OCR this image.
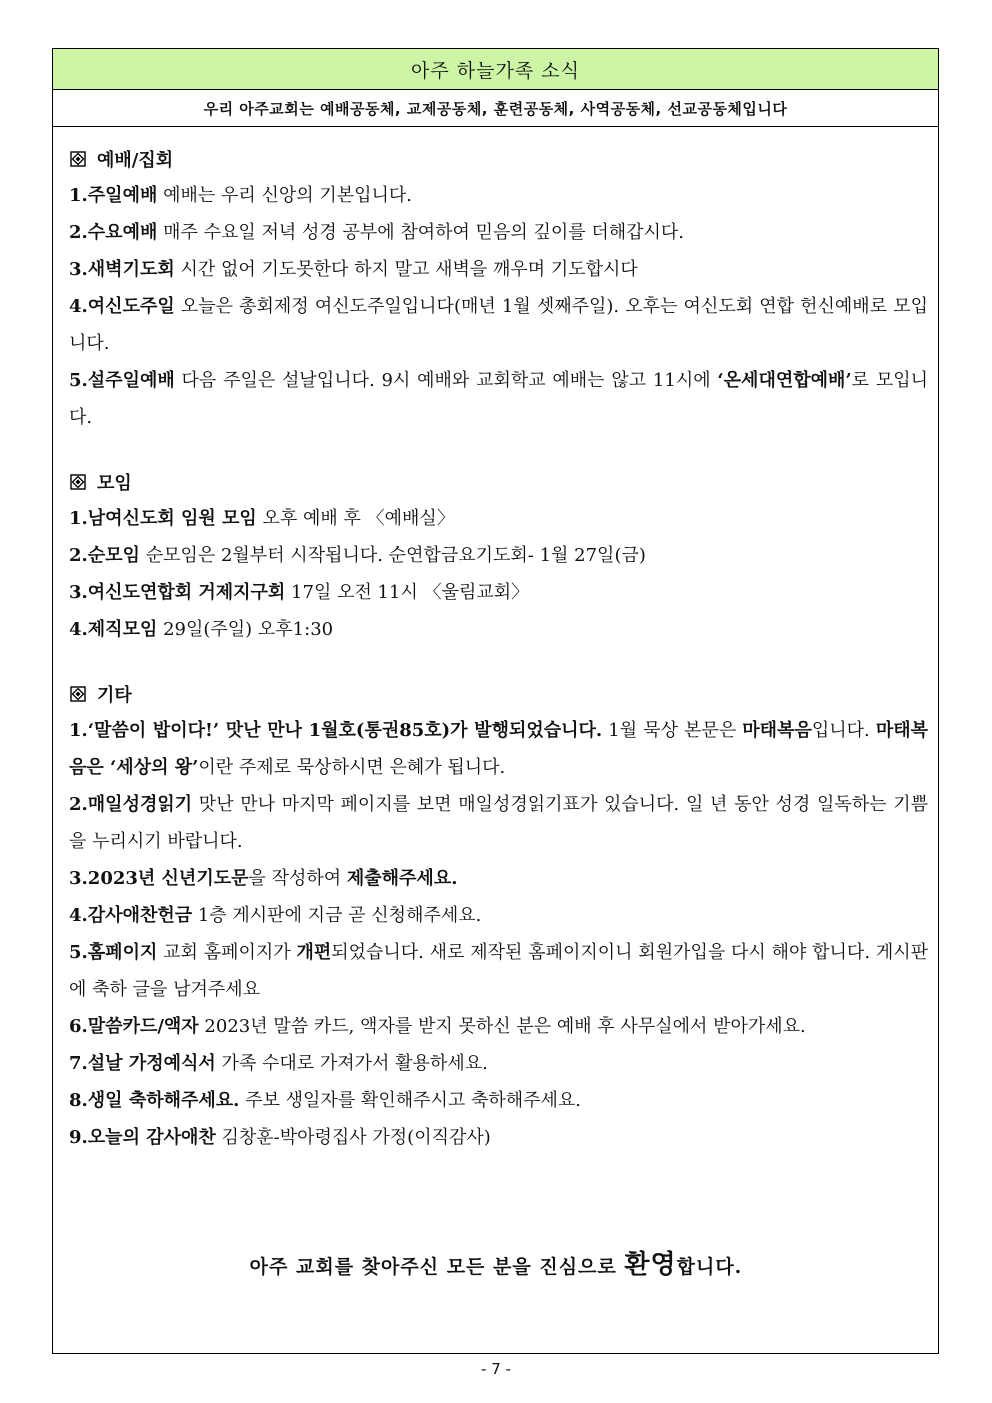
아주 하늘가족 소식
우리 아주교회는 예배공동체, 교제공동체, 훈련공동체, 사역공동체, 선교공동체입니다
예배/집회

1.주일예배 예배는 우리 신앙의 기본입니다.

2.수요예배 매주 수요일 저녁 성경 공부에 참여하여 믿음의 깊이를 더해갑시다.

3.새벽기도회 시간 없어 기도못한다 하지 말고 새벽을 깨우며 기도합시다

4.여신도주일 오늘은 총회제정 여신도주일입니다(매년 1월 셋째주일). 오후는 여신도회 연합 헌신예배로 모입니다.

5.설주일예배 다음 주일은 설날입니다. 9시 예배와 교회학교 예배는 않고 11시에 ‘온세대연합예배’로 모입니다.

모임

1.남여신도회 임원 모임 오후 예배 후 〈예배실〉

2.순모임 순모임은 2월부터 시작됩니다. 순연합금요기도회- 1월 27일(금)

3.여신도연합회 거제지구회 17일 오전 11시 〈울림교회〉

4.제직모임 29일(주일) 오후1:30

기타

1.‘말씀이 밥이다!’ 맛난 만나 1월호(통권85호)가 발행되었습니다. 1월 묵상 본문은 마태복음입니다. 마태복음은 ‘세상의 왕’이란 주제로 묵상하시면 은혜가 됩니다.

2.매일성경읽기 맛난 만나 마지막 페이지를 보면 매일성경읽기표가 있습니다. 일 년 동안 성경 일독하는 기쁨을 누리시기 바랍니다.

3.2023년 신년기도문을 작성하여 제출해주세요.

4.감사애찬헌금 1층 게시판에 지금 곧 신청해주세요.

5.홈페이지 교회 홈페이지가 개편되었습니다. 새로 제작된 홈페이지이니 회원가입을 다시 해야 합니다. 게시판에 축하 글을 남겨주세요

6.말씀카드/액자 2023년 말씀 카드, 액자를 받지 못하신 분은 예배 후 사무실에서 받아가세요.

7.설날 가정예식서 가족 수대로 가져가서 활용하세요.

8.생일 축하해주세요. 주보 생일자를 확인해주시고 축하해주세요.

9.오늘의 감사애찬 김창훈-박아령집사 가정(이직감사)

아주 교회를 찾아주신 모든 분을 진심으로 환영합니다.
- 7 -
